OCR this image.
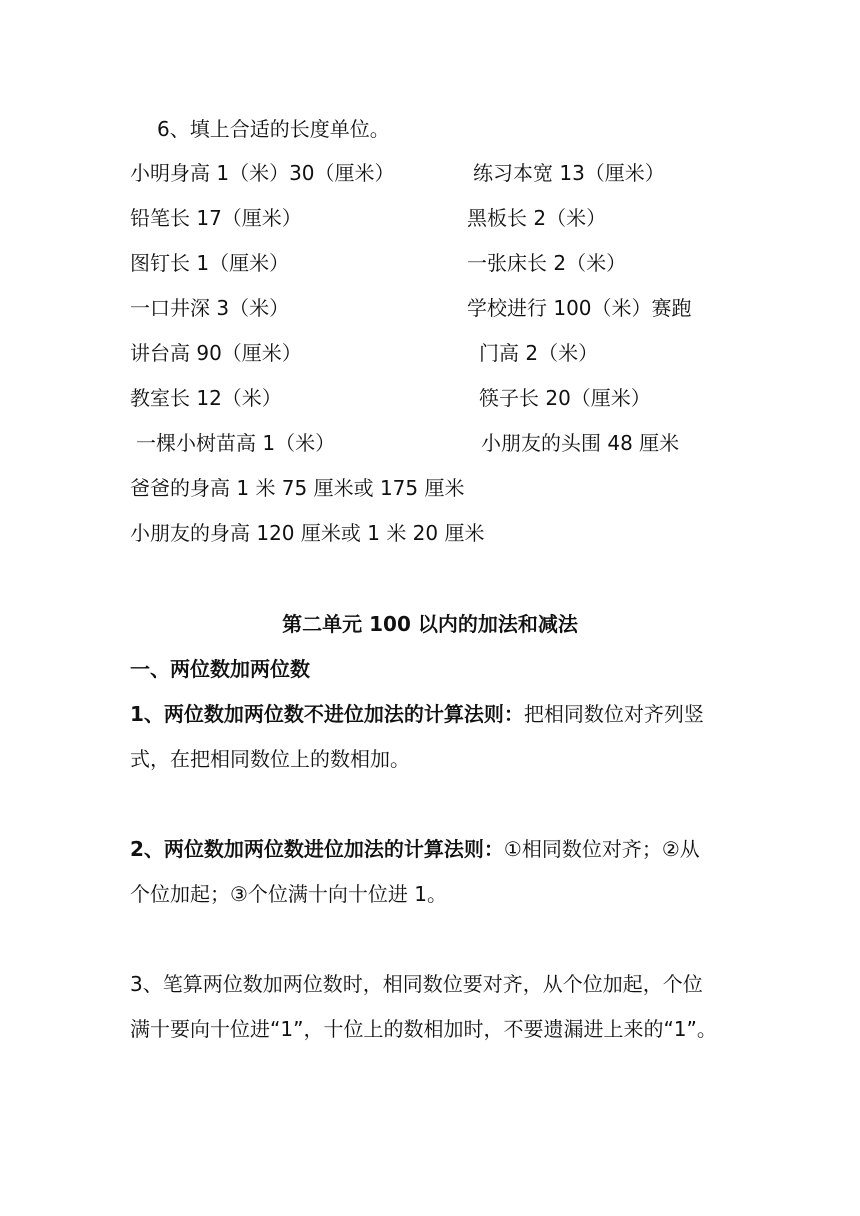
6、填上合适的长度单位。
小明身高 1（米）30（厘米）	练习本宽 13（厘米）
铅笔长 17（厘米）	黑板长 2（米）
图钉长 1（厘米）	一张床长 2（米）
一口井深 3（米）	学校进行 100（米）赛跑
讲台高 90（厘米）	门高 2（米）
教室长 12（米）	筷子长 20（厘米）
一棵小树苗高 1（米）	小朋友的头围 48 厘米
爸爸的身高 1 米 75 厘米或 175 厘米
小朋友的身高 120 厘米或 1 米 20 厘米
第二单元 100 以内的加法和减法
一、两位数加两位数
1、两位数加两位数不进位加法的计算法则：把相同数位对齐列竖
式，在把相同数位上的数相加。
2、两位数加两位数进位加法的计算法则：①相同数位对齐；②从
个位加起；③个位满十向十位进 1。
3、笔算两位数加两位数时，相同数位要对齐，从个位加起，个位
满十要向十位进“1”，十位上的数相加时，不要遗漏进上来的“1”。
